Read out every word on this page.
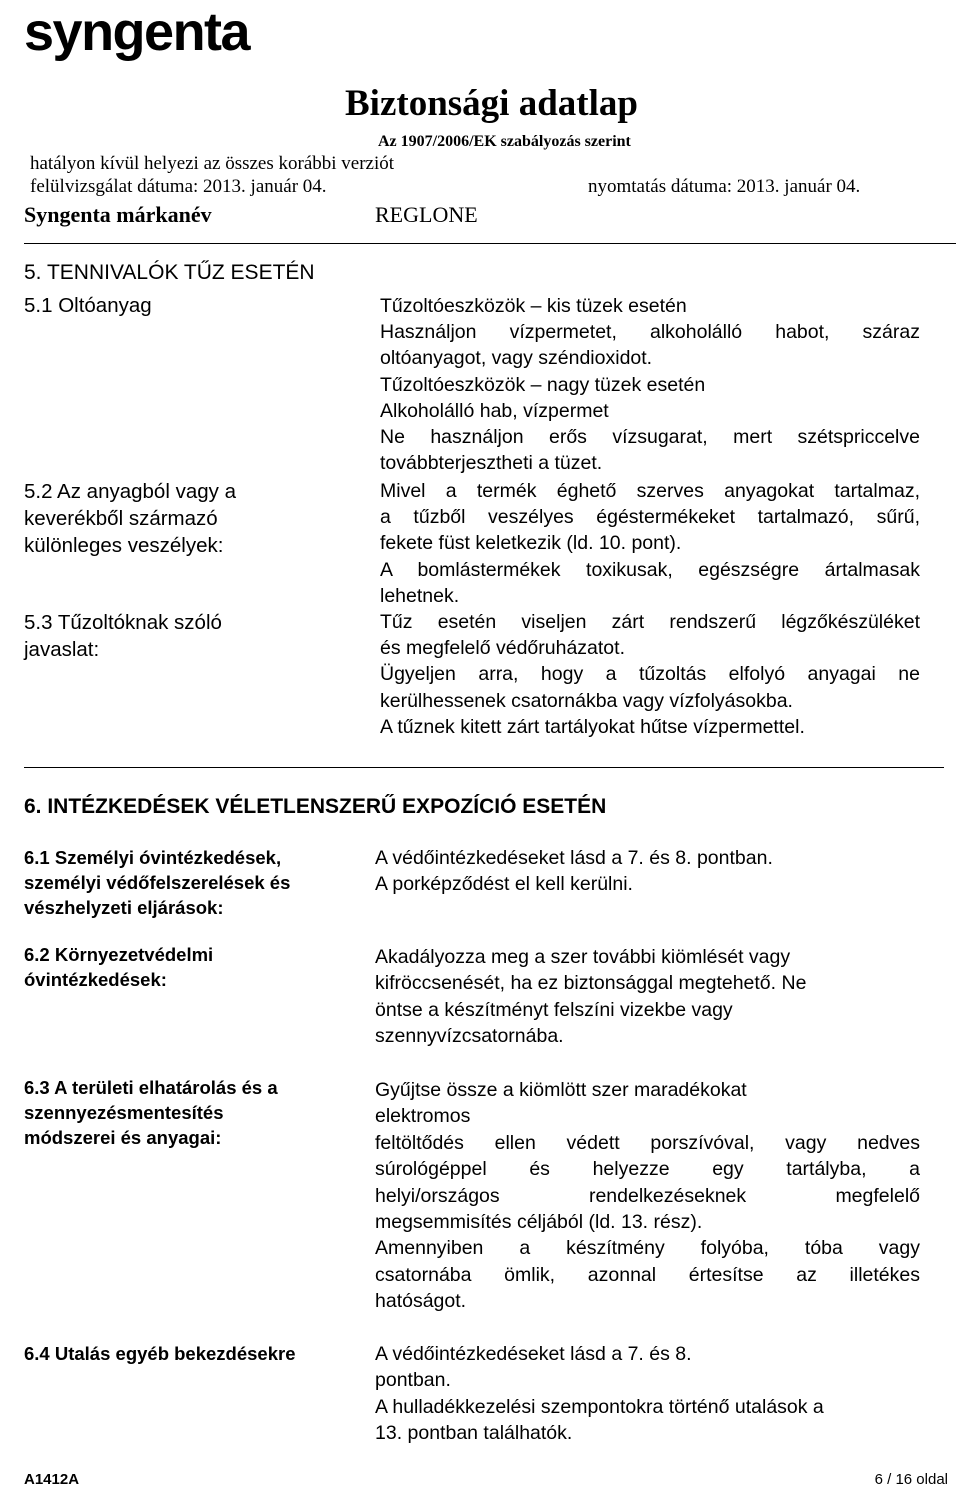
syngenta
Biztonsági adatlap
Az 1907/2006/EK szabályozás szerint
hatályon kívül helyezi az összes korábbi verziót
felülvizsgálat dátuma: 2013. január 04.	nyomtatás dátuma: 2013. január 04.
Syngenta márkanév	REGLONE
5. TENNIVALÓK TŰZ ESETÉN
5.1 Oltóanyag	Tűzoltóeszközök – kis tüzek esetén
Használjon vízpermetet, alkoholálló habot, száraz
oltóanyagot, vagy széndioxidot.
Tűzoltóeszközök – nagy tüzek esetén
Alkoholálló hab, vízpermet
Ne használjon erős vízsugarat, mert szétspriccelve
továbbterjesztheti a tüzet.
5.2 Az anyagból vagy a
keverékből származó
különleges veszélyek:
Mivel a termék éghető szerves anyagokat tartalmaz,
a tűzből veszélyes égéstermékeket tartalmazó, sűrű,
fekete füst keletkezik (ld. 10. pont).
A bomlástermékek toxikusak, egészségre ártalmasak
lehetnek.
5.3 Tűzoltóknak szóló
javaslat:
Tűz esetén viseljen zárt rendszerű légzőkészüléket
és megfelelő védőruházatot.
Ügyeljen arra, hogy a tűzoltás elfolyó anyagai ne
kerülhessenek csatornákba vagy vízfolyásokba.
A tűznek kitett zárt tartályokat hűtse vízpermettel.
6. INTÉZKEDÉSEK VÉLETLENSZERŰ EXPOZÍCIÓ ESETÉN
6.1 Személyi óvintézkedések,
személyi védőfelszerelések és
vészhelyzeti eljárások:
A védőintézkedéseket lásd a 7. és 8. pontban.
A porképződést el kell kerülni.
6.2 Környezetvédelmi
óvintézkedések:
Akadályozza meg a szer további kiömlését vagy
kifröccsenését, ha ez biztonsággal megtehető. Ne
öntse a készítményt felszíni vizekbe vagy
szennyvízcsatornába.
6.3 A területi elhatárolás és a
szennyezésmentesítés
módszerei és anyagai:
Gyűjtse össze a kiömlött szer maradékokat
elektromos
feltöltődés ellen védett porszívóval, vagy nedves
súrológéppel és helyezze egy tartályba, a
helyi/országos rendelkezéseknek megfelelő
megsemmisítés céljából (ld. 13. rész).
Amennyiben a készítmény folyóba, tóba vagy
csatornába ömlik, azonnal értesítse az illetékes
hatóságot.
6.4 Utalás egyéb bekezdésekre	A védőintézkedéseket lásd a 7. és 8.
pontban.
A hulladékkezelési szempontokra történő utalások a
13. pontban találhatók.
A1412A	6 / 16 oldal
